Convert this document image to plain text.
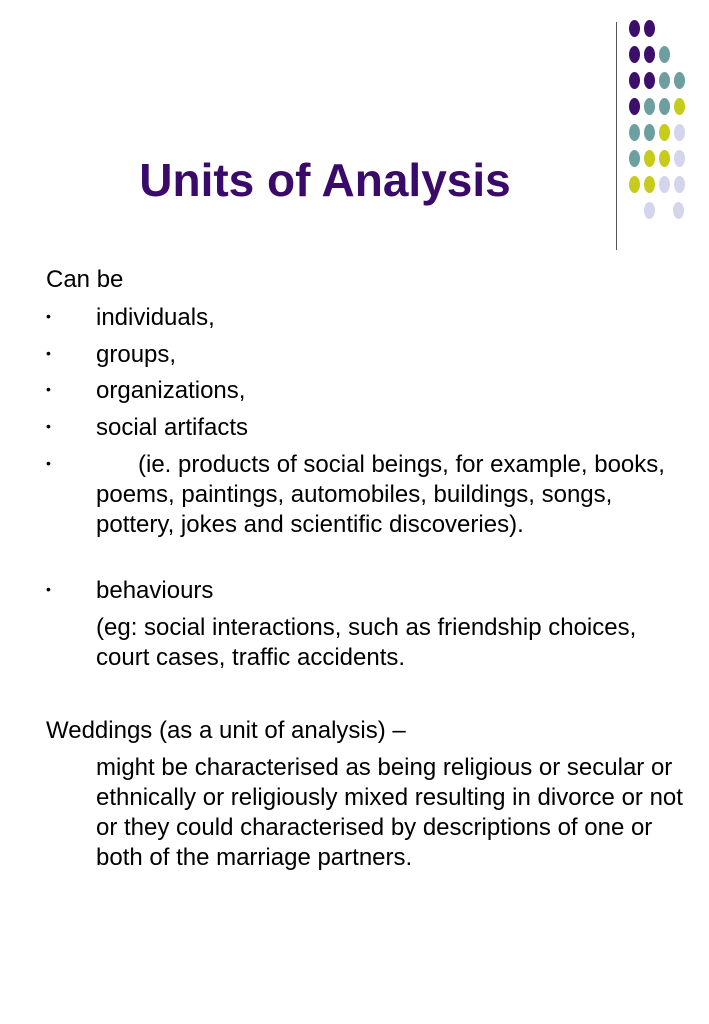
Units of Analysis
Can be
• individuals,
• groups,
• organizations,
• social artifacts
•	(ie. products of social beings, for example, books, poems, paintings, automobiles, buildings, songs, pottery, jokes and scientific discoveries).
• behaviours
(eg: social interactions, such as friendship choices, court cases, traffic accidents.
Weddings (as a unit of analysis) –
might be characterised as being religious or secular or ethnically or religiously mixed resulting in divorce or not or they could characterised by descriptions of one or both of the marriage partners.
